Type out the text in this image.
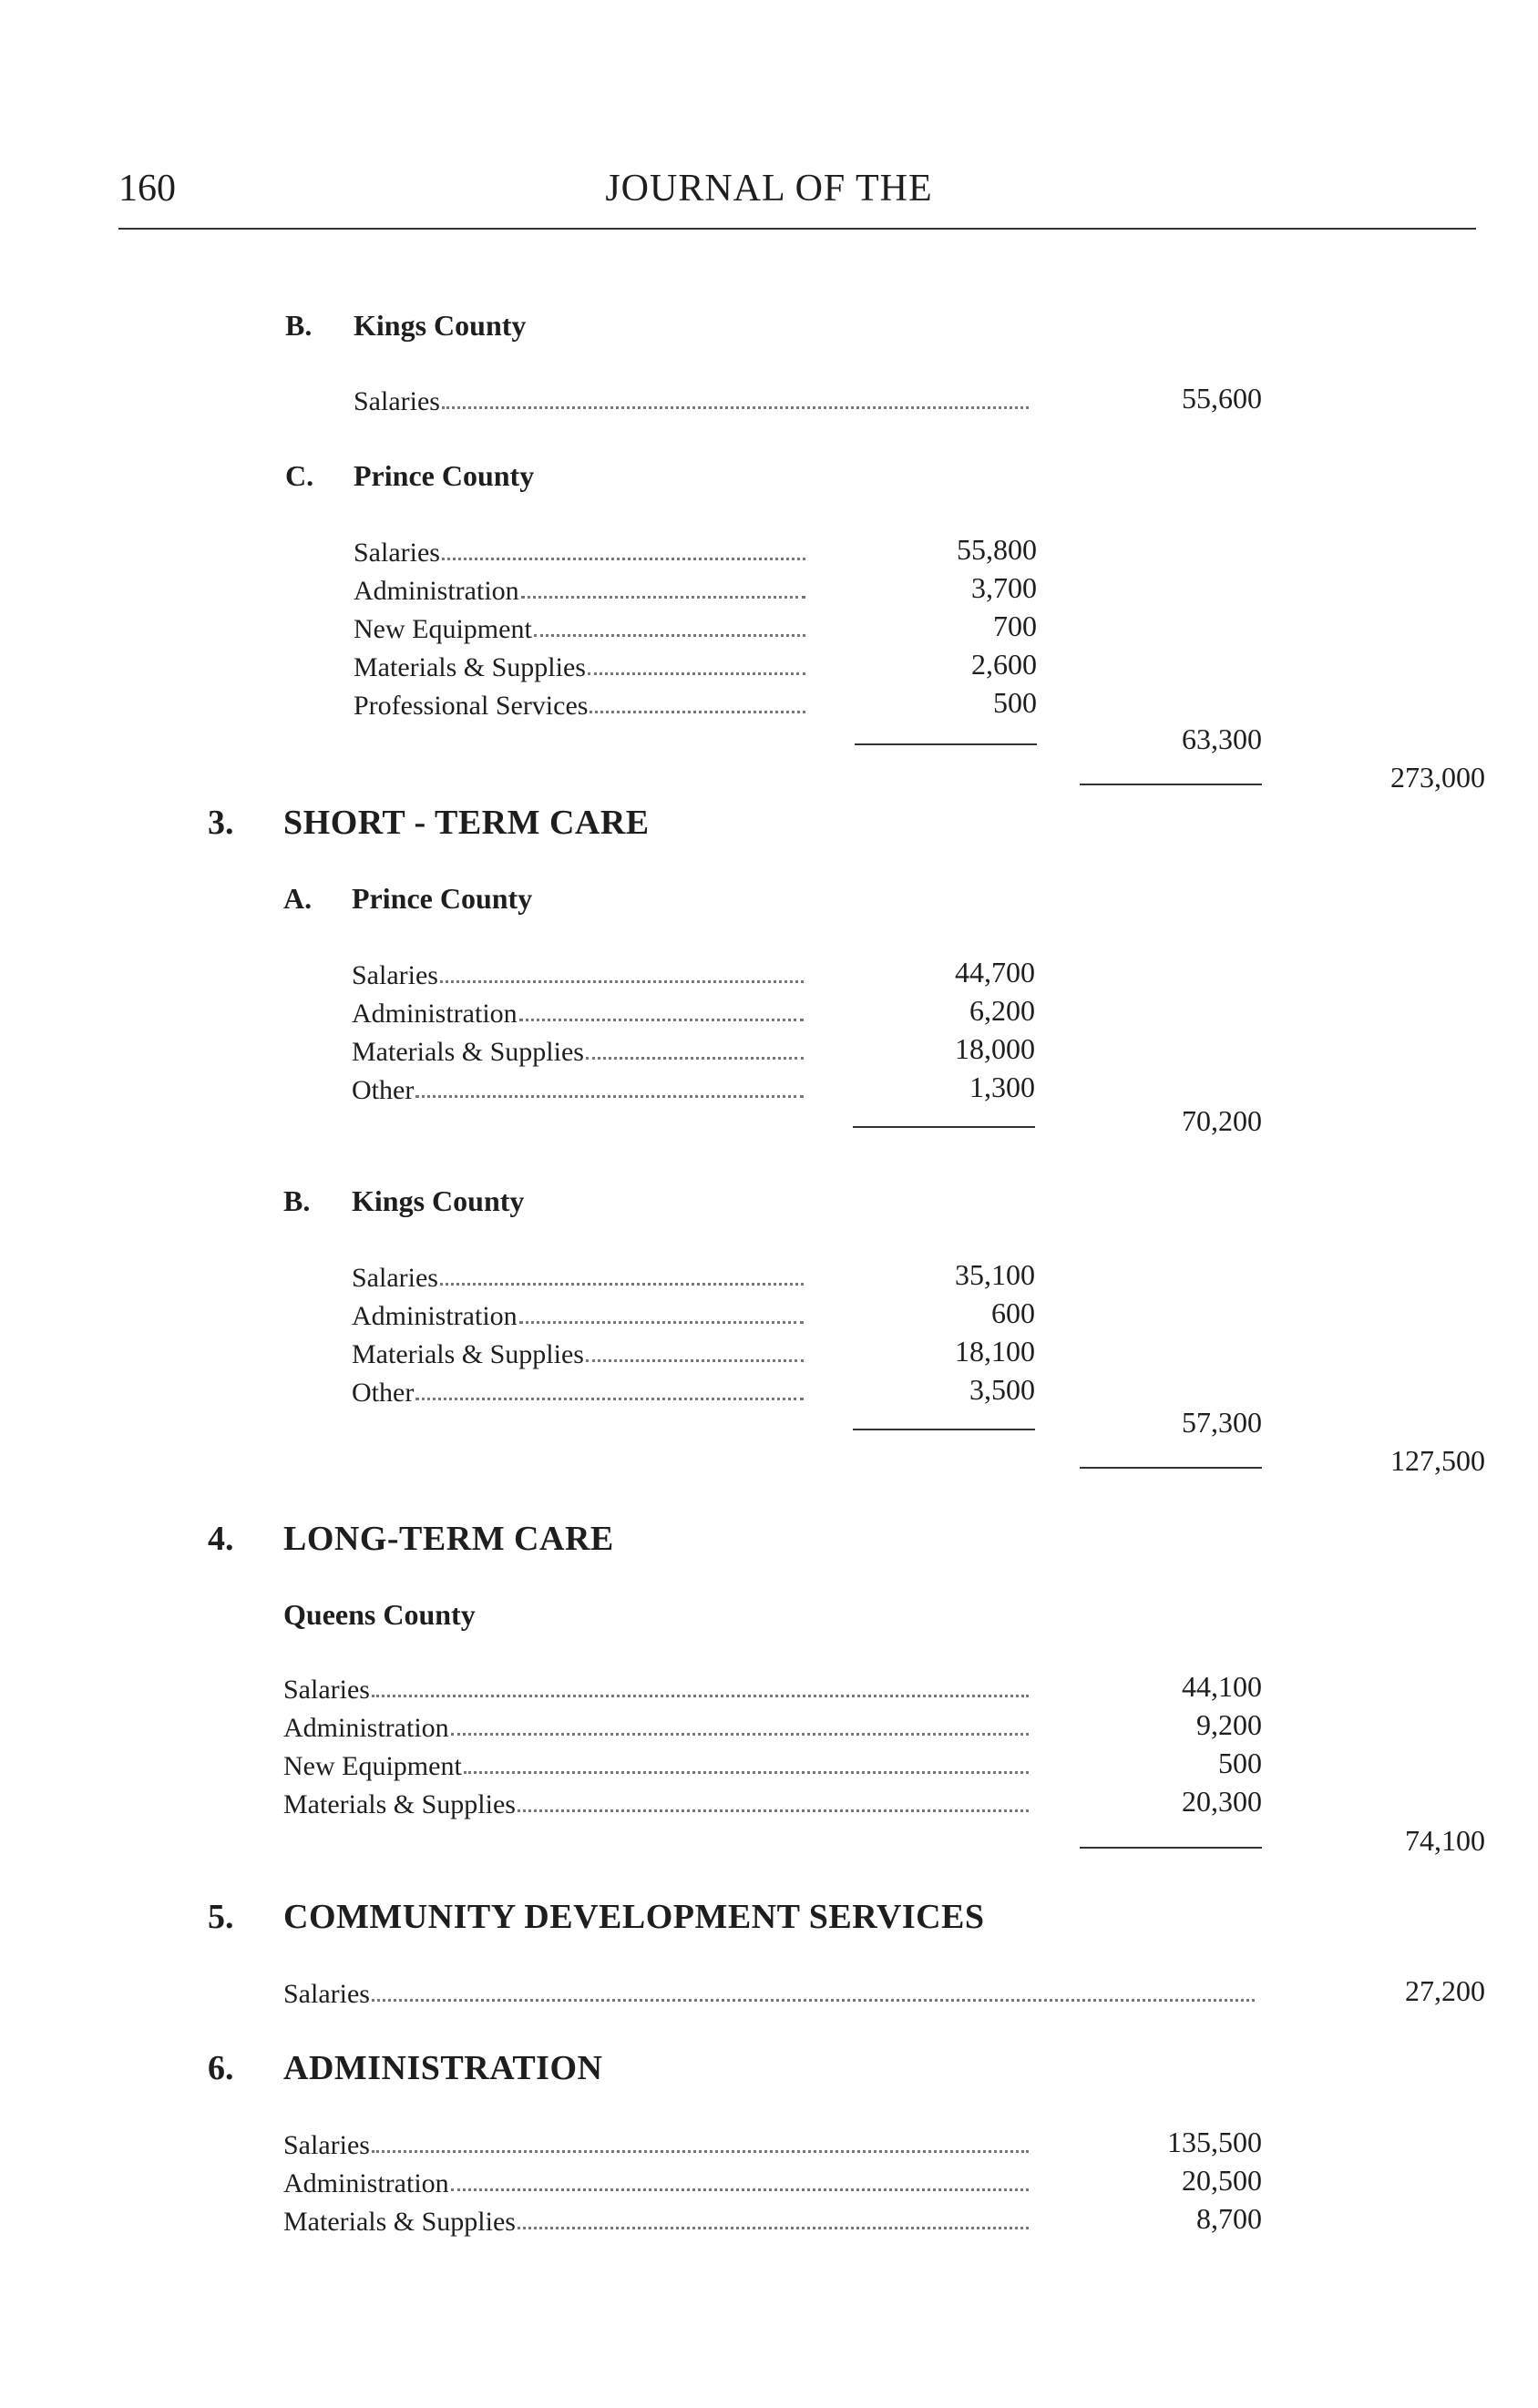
160	JOURNAL OF THE
B. Kings County
Salaries	55,600
C. Prince County
Salaries	55,800
Administration	3,700
New Equipment	700
Materials & Supplies	2,600
Professional Services	500
63,300
273,000
3. SHORT - TERM CARE
A. Prince County
Salaries	44,700
Administration	6,200
Materials & Supplies	18,000
Other	1,300
70,200
B. Kings County
Salaries	35,100
Administration	600
Materials & Supplies	18,100
Other	3,500
57,300
127,500
4. LONG-TERM CARE
Queens County
Salaries	44,100
Administration	9,200
New Equipment	500
Materials & Supplies	20,300
74,100
5. COMMUNITY DEVELOPMENT SERVICES
Salaries	27,200
6. ADMINISTRATION
Salaries	135,500
Administration	20,500
Materials & Supplies	8,700
